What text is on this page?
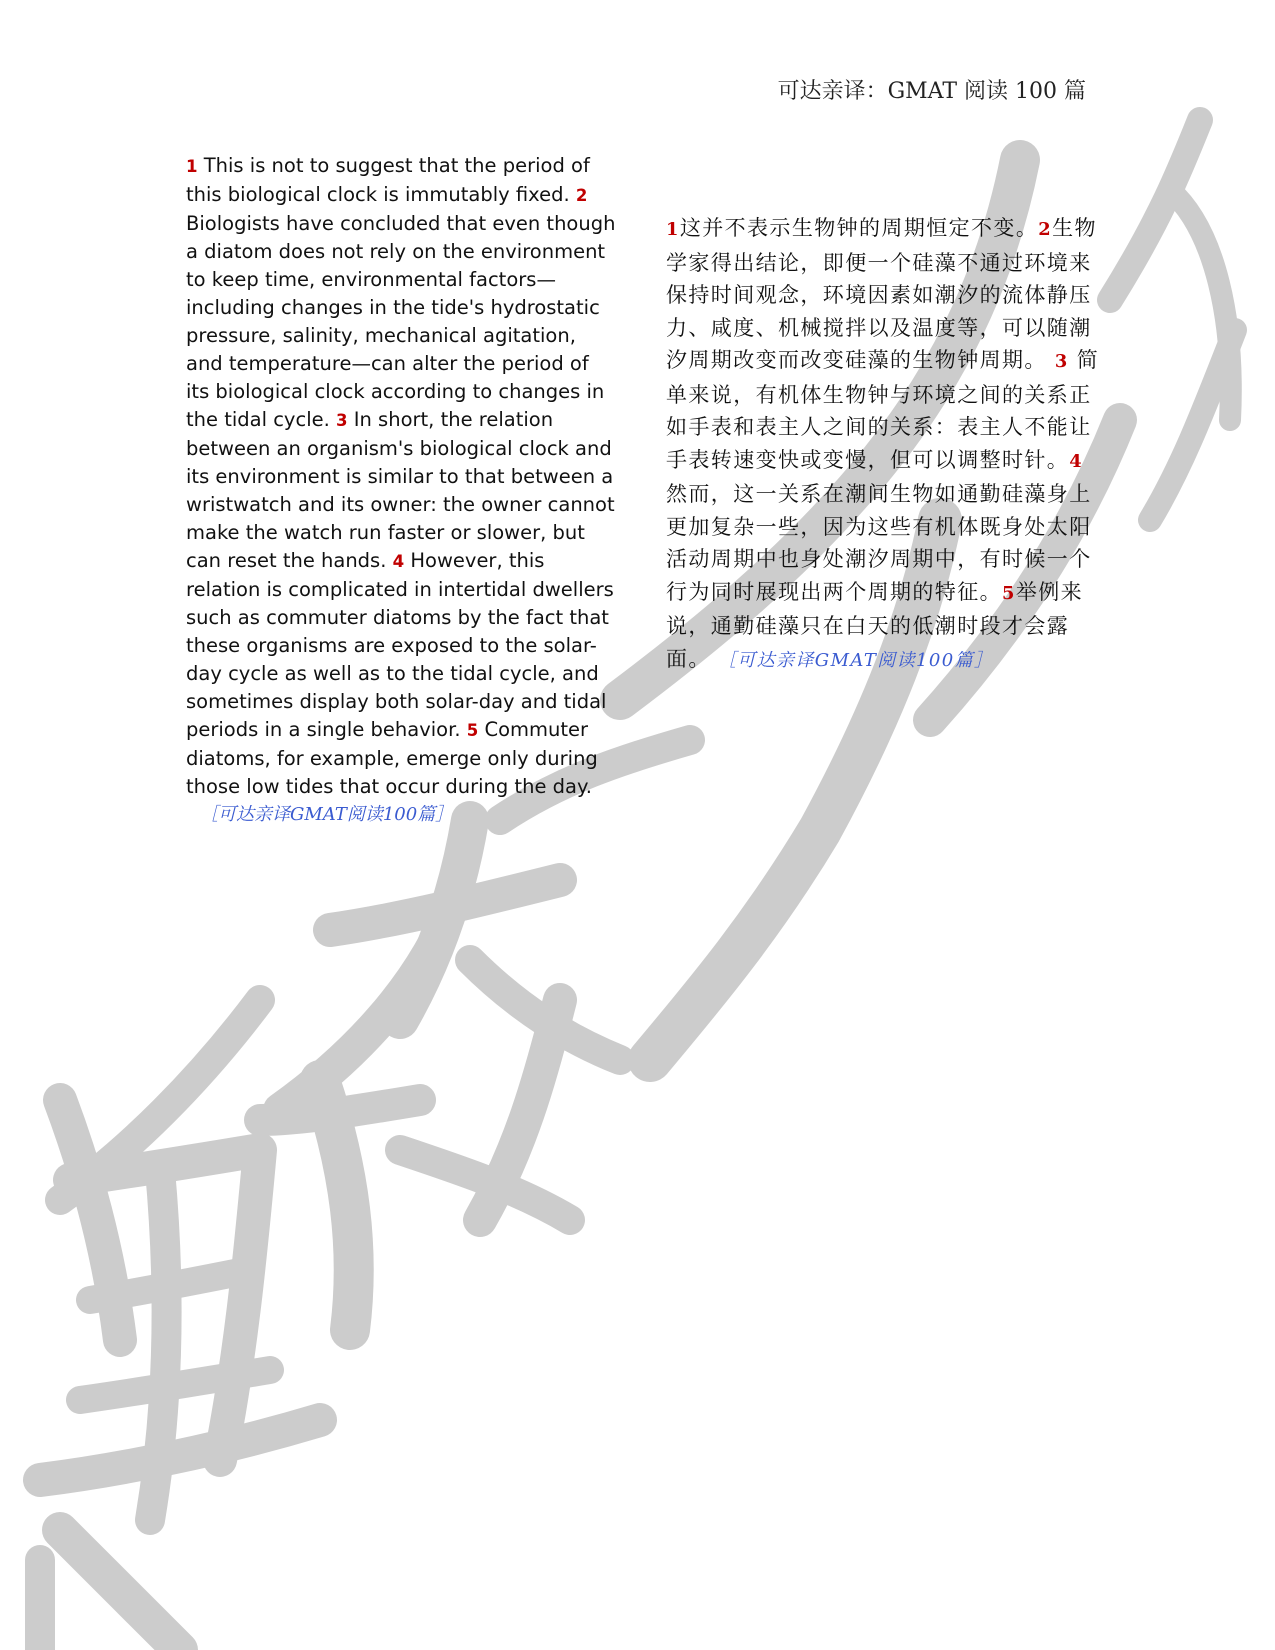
可达亲译：GMAT 阅读 100 篇
1 This is not to suggest that the period of this biological clock is immutably fixed. 2 Biologists have concluded that even though a diatom does not rely on the environment to keep time, environmental factors—including changes in the tide's hydrostatic pressure, salinity, mechanical agitation, and temperature—can alter the period of its biological clock according to changes in the tidal cycle. 3 In short, the relation between an organism's biological clock and its environment is similar to that between a wristwatch and its owner: the owner cannot make the watch run faster or slower, but can reset the hands. 4 However, this relation is complicated in intertidal dwellers such as commuter diatoms by the fact that these organisms are exposed to the solar-day cycle as well as to the tidal cycle, and sometimes display both solar-day and tidal periods in a single behavior. 5 Commuter diatoms, for example, emerge only during those low tides that occur during the day.
［可达亲译GMAT阅读100篇］
1这并不表示生物钟的周期恒定不变。2生物学家得出结论，即便一个硅藻不通过环境来保持时间观念，环境因素如潮汐的流体静压力、咸度、机械搅拌以及温度等，可以随潮汐周期改变而改变硅藻的生物钟周期。 3 简单来说，有机体生物钟与环境之间的关系正如手表和表主人之间的关系：表主人不能让手表转速变快或变慢，但可以调整时针。4 然而，这一关系在潮间生物如通勤硅藻身上更加复杂一些，因为这些有机体既身处太阳活动周期中也身处潮汐周期中，有时候一个行为同时展现出两个周期的特征。5举例来说，通勤硅藻只在白天的低潮时段才会露面。 ［可达亲译GMAT阅读100篇］
